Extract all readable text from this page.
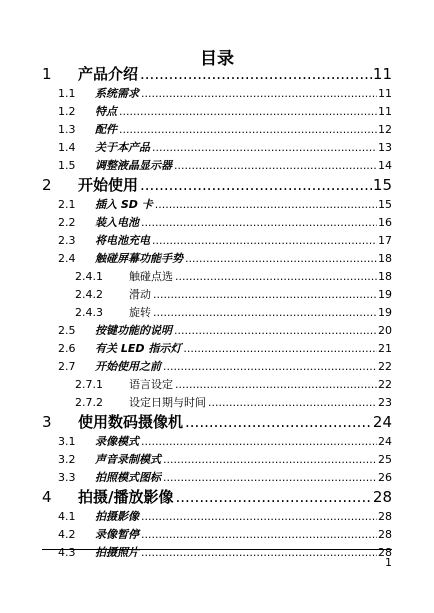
目录
1 产品介绍 .....	11
1.1 系统需求 .....	11
1.2 特点 .....	11
1.3 配件 .....	12
1.4 关于本产品 .....	13
1.5 调整液晶显示器 .....	14
2 开始使用 .....	15
2.1 插入 SD 卡 .....	15
2.2 装入电池 .....	16
2.3 将电池充电 .....	17
2.4 触碰屏幕功能手势 .....	18
2.4.1 触碰点选 .....	18
2.4.2 滑动 .....	19
2.4.3 旋转 .....	19
2.5 按键功能的说明 .....	20
2.6 有关 LED 指示灯 .....	21
2.7 开始使用之前 .....	22
2.7.1 语言设定 .....	22
2.7.2 设定日期与时间 .....	23
3 使用数码摄像机 .....	24
3.1 录像模式 .....	24
3.2 声音录制模式 .....	25
3.3 拍照模式图标 .....	26
4 拍摄/播放影像 .....	28
4.1 拍摄影像 .....	28
4.2 录像暂停 .....	28
4.3 拍摄照片 .....	28
1
